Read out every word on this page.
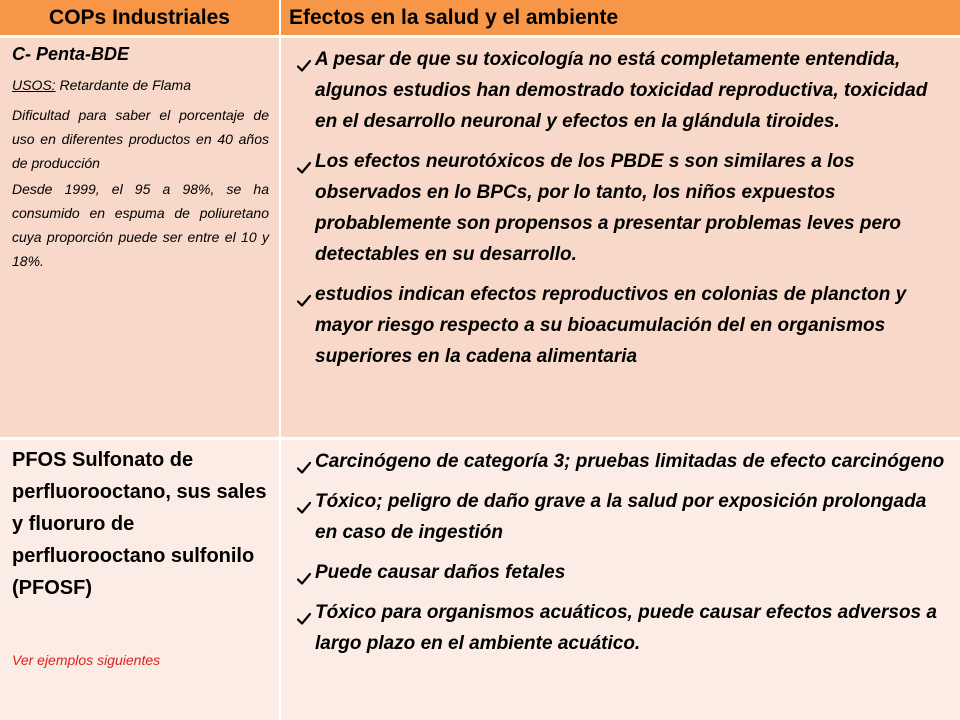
COPs Industriales	Efectos en la salud y el ambiente
C- Penta-BDE
USOS: Retardante de Flama

Dificultad para saber el porcentaje de uso en diferentes productos en 40 años de producción

Desde 1999, el 95 a 98%, se ha consumido en espuma de poliuretano cuya proporción puede ser entre el 10 y 18%.

A pesar de que su toxicología no está completamente entendida, algunos estudios han demostrado toxicidad reproductiva, toxicidad en el desarrollo neuronal y efectos en la glándula tiroides.
Los efectos neurotóxicos de los PBDE s son similares a los observados en lo BPCs, por lo tanto, los niños expuestos probablemente son propensos a presentar problemas leves pero detectables en su desarrollo.
estudios indican efectos reproductivos en colonias de plancton y mayor riesgo respecto a su bioacumulación del en organismos superiores en la cadena alimentaria

PFOS Sulfonato de perfluorooctano, sus sales y fluoruro de perfluorooctano sulfonilo (PFOSF)

Ver ejemplos siguientes
Carcinógeno de categoría 3; pruebas limitadas de efecto carcinógeno
Tóxico; peligro de daño grave a la salud por exposición prolongada en caso de ingestión
Puede causar daños fetales
Tóxico para organismos acuáticos, puede causar efectos adversos a largo plazo en el ambiente acuático.
